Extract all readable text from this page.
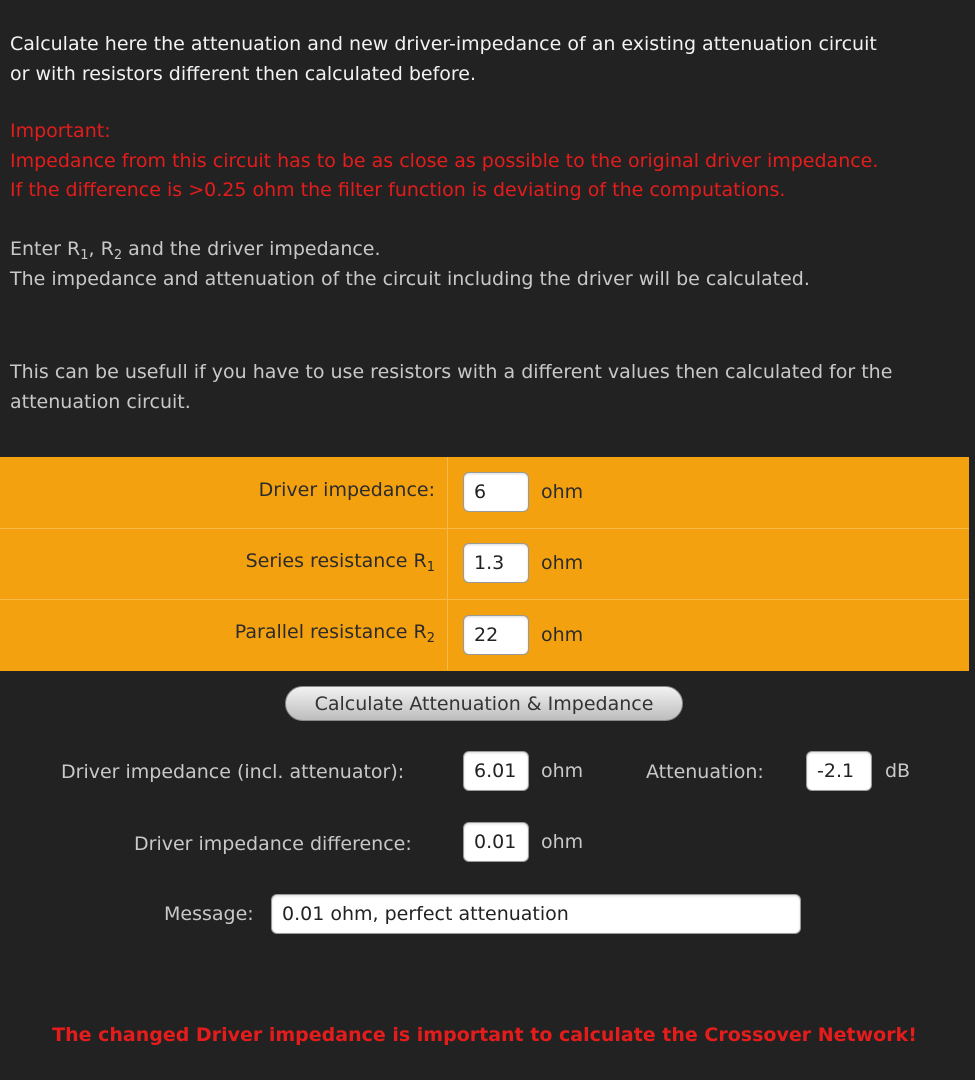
Calculate here the attenuation and new driver-impedance of an existing attenuation circuit
or with resistors different then calculated before.

Important:
Impedance from this circuit has to be as close as possible to the original driver impedance.
If the difference is >0.25 ohm the filter function is deviating of the computations.

Enter $R_1$, $R_2$ and the driver impedance.
The impedance and attenuation of the circuit including the driver will be calculated.

This can be usefull if you have to use resistors with a different values then calculated for the
attenuation circuit.

Driver impedance:
6	ohm
Series resistance $R_1$
1.3	ohm
Parallel resistance $R_2$
22	ohm
Calculate Attenuation & Impedance
Driver impedance (incl. attenuator):
6.01	ohm	Attenuation:
-2.1	dB
Driver impedance difference:
0.01	ohm
Message:
0.01 ohm, perfect attenuation

The changed Driver impedance is important to calculate the Crossover Network!
